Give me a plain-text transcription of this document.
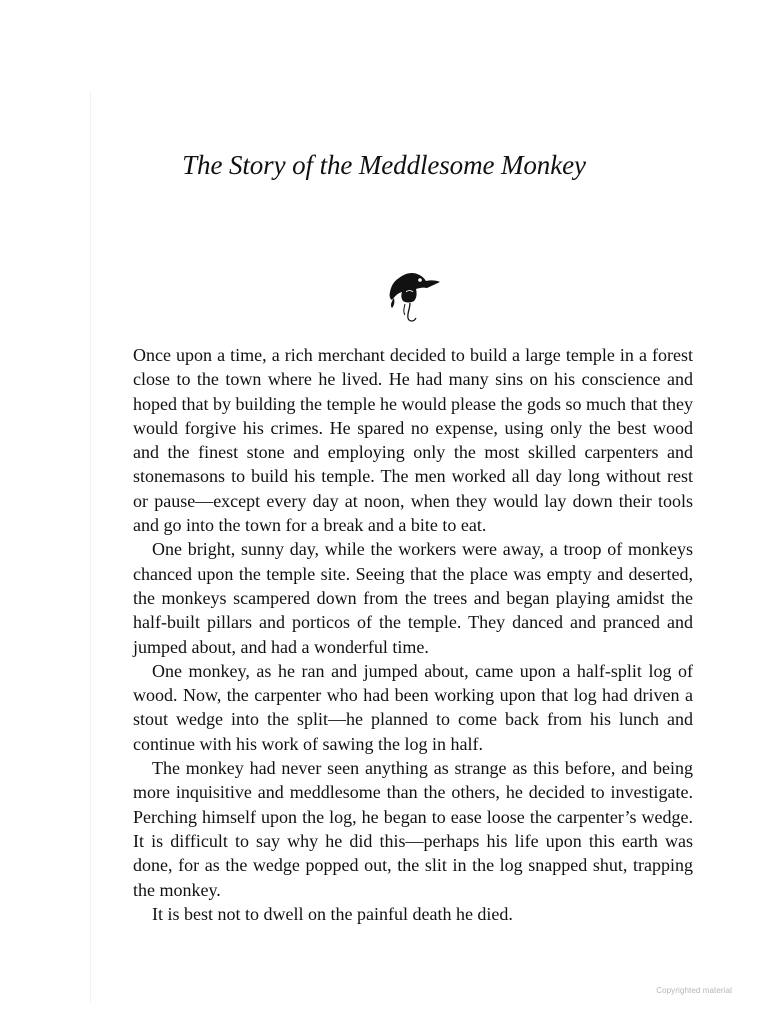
The Story of the Meddlesome Monkey

Once upon a time, a rich merchant decided to build a large temple in a forest close to the town where he lived. He had many sins on his conscience and hoped that by building the temple he would please the gods so much that they would forgive his crimes. He spared no expense, using only the best wood and the finest stone and employing only the most skilled carpenters and stonemasons to build his temple. The men worked all day long without rest or pause—except every day at noon, when they would lay down their tools and go into the town for a break and a bite to eat.

One bright, sunny day, while the workers were away, a troop of monkeys chanced upon the temple site. Seeing that the place was empty and deserted, the monkeys scampered down from the trees and began playing amidst the half-built pillars and porticos of the temple. They danced and pranced and jumped about, and had a wonderful time.

One monkey, as he ran and jumped about, came upon a half-split log of wood. Now, the carpenter who had been working upon that log had driven a stout wedge into the split—he planned to come back from his lunch and continue with his work of sawing the log in half.

The monkey had never seen anything as strange as this before, and being more inquisitive and meddlesome than the others, he decided to investigate. Perching himself upon the log, he began to ease loose the carpenter’s wedge. It is difficult to say why he did this—perhaps his life upon this earth was done, for as the wedge popped out, the slit in the log snapped shut, trapping the monkey.

It is best not to dwell on the painful death he died.

Copyrighted material
